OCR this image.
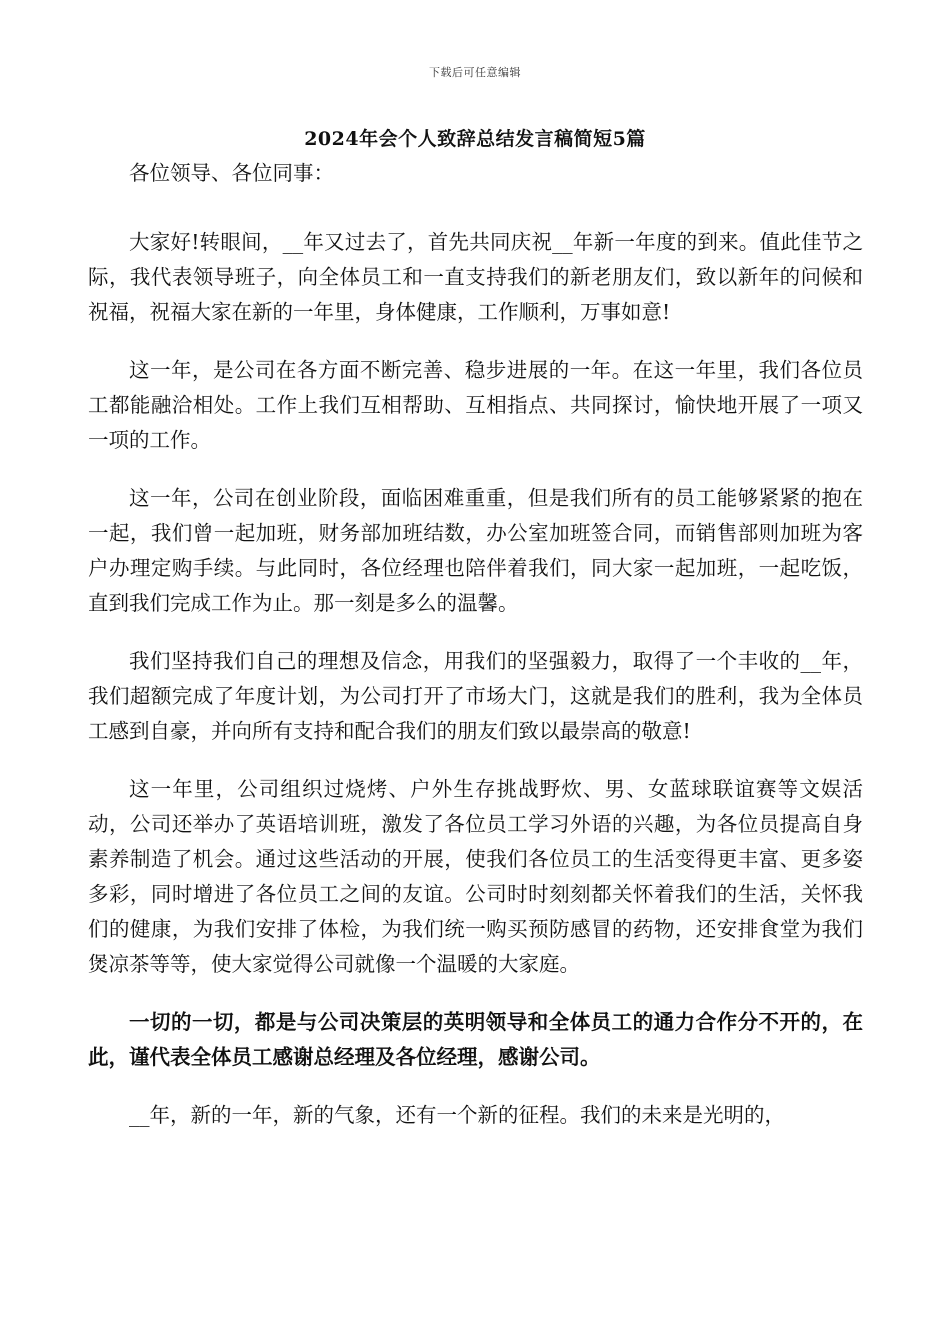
下载后可任意编辑
2024年会个人致辞总结发言稿简短5篇

各位领导、各位同事：

大家好!转眼间，__年又过去了，首先共同庆祝__年新一年度的到来。值此佳节之际，我代表领导班子，向全体员工和一直支持我们的新老朋友们，致以新年的问候和祝福，祝福大家在新的一年里，身体健康，工作顺利，万事如意!

这一年，是公司在各方面不断完善、稳步进展的一年。在这一年里，我们各位员工都能融洽相处。工作上我们互相帮助、互相指点、共同探讨，愉快地开展了一项又一项的工作。

这一年，公司在创业阶段，面临困难重重，但是我们所有的员工能够紧紧的抱在一起，我们曾一起加班，财务部加班结数，办公室加班签合同，而销售部则加班为客户办理定购手续。与此同时，各位经理也陪伴着我们，同大家一起加班，一起吃饭，直到我们完成工作为止。那一刻是多么的温馨。

我们坚持我们自己的理想及信念，用我们的坚强毅力，取得了一个丰收的__年，我们超额完成了年度计划，为公司打开了市场大门，这就是我们的胜利，我为全体员工感到自豪，并向所有支持和配合我们的朋友们致以最崇高的敬意!

这一年里，公司组织过烧烤、户外生存挑战野炊、男、女蓝球联谊赛等文娱活动，公司还举办了英语培训班，激发了各位员工学习外语的兴趣，为各位员提高自身素养制造了机会。通过这些活动的开展，使我们各位员工的生活变得更丰富、更多姿多彩，同时增进了各位员工之间的友谊。公司时时刻刻都关怀着我们的生活，关怀我们的健康，为我们安排了体检，为我们统一购买预防感冒的药物，还安排食堂为我们煲凉茶等等，使大家觉得公司就像一个温暖的大家庭。

一切的一切，都是与公司决策层的英明领导和全体员工的通力合作分不开的，在此，谨代表全体员工感谢总经理及各位经理，感谢公司。

__年，新的一年，新的气象，还有一个新的征程。我们的未来是光明的，
